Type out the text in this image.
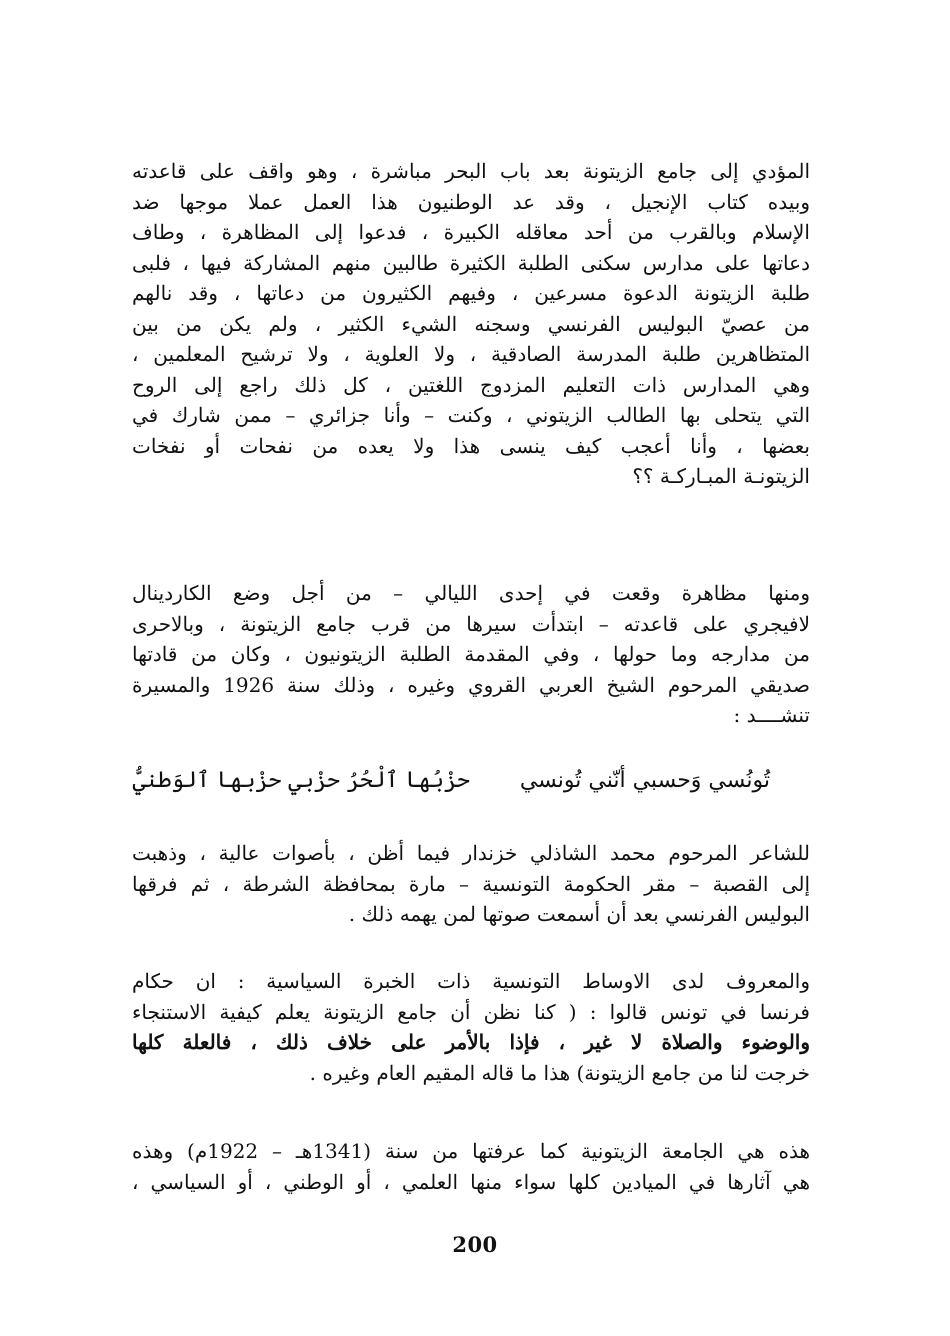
المؤدي إلى جامع الزيتونة بعد باب البحر مباشرة ، وهو واقف على قاعدته
وبيده كتاب الإنجيل ، وقد عد الوطنيون هذا العمل عملا موجها ضد
الإسلام وبالقرب من أحد معاقله الكبيرة ، فدعوا إلى المظاهرة ، وطاف
دعاتها على مدارس سكنى الطلبة الكثيرة طالبين منهم المشاركة فيها ، فلبى
طلبة الزيتونة الدعوة مسرعين ، وفيهم الكثيرون من دعاتها ، وقد نالهم
من عصيّ البوليس الفرنسي وسجنه الشيء الكثير ، ولم يكن من بين
المتظاهرين طلبة المدرسة الصادقية ، ولا العلوية ، ولا ترشيح المعلمين ،
وهي المدارس ذات التعليم المزدوج اللغتين ، كل ذلك راجع إلى الروح
التي يتحلى بها الطالب الزيتوني ، وكنت – وأنا جزائري – ممن شارك في
بعضها ، وأنا أعجب كيف ينسى هذا ولا يعده من نفحات أو نفخات
الزيتونـة المبـاركـة ؟؟
ومنها مظاهرة وقعت في إحدى الليالي – من أجل وضع الكاردينال
لافيجري على قاعدته – ابتدأت سيرها من قرب جامع الزيتونة ، وبالاحرى
من مدارجه وما حولها ، وفي المقدمة الطلبة الزيتونيون ، وكان من قادتها
صديقي المرحوم الشيخ العربي القروي وغيره ، وذلك سنة 1926 والمسيرة
تنشــــد :
تُونُسي وَحسبي أنّني تُونسي  حزْبُها ٱلْحُرُ حزْبي حزْبها ٱلوَطنيُّ
للشاعر المرحوم محمد الشاذلي خزندار فيما أظن ، بأصوات عالية ، وذهبت
إلى القصبة – مقر الحكومة التونسية – مارة بمحافظة الشرطة ، ثم فرقها
البوليس الفرنسي بعد أن أسمعت صوتها لمن يهمه ذلك .
والمعروف لدى الاوساط التونسية ذات الخبرة السياسية : ان حكام
فرنسا في تونس قالوا : ( كنا نظن أن جامع الزيتونة يعلم كيفية الاستنجاء
والوضوء والصلاة لا غير ، فإذا بالأمر على خلاف ذلك ، فالعلة كلها
خرجت لنا من جامع الزيتونة) هذا ما قاله المقيم العام وغيره .
هذه هي الجامعة الزيتونية كما عرفتها من سنة (1341هـ – 1922م) وهذه
هي آثارها في الميادين كلها سواء منها العلمي ، أو الوطني ، أو السياسي ،
200
